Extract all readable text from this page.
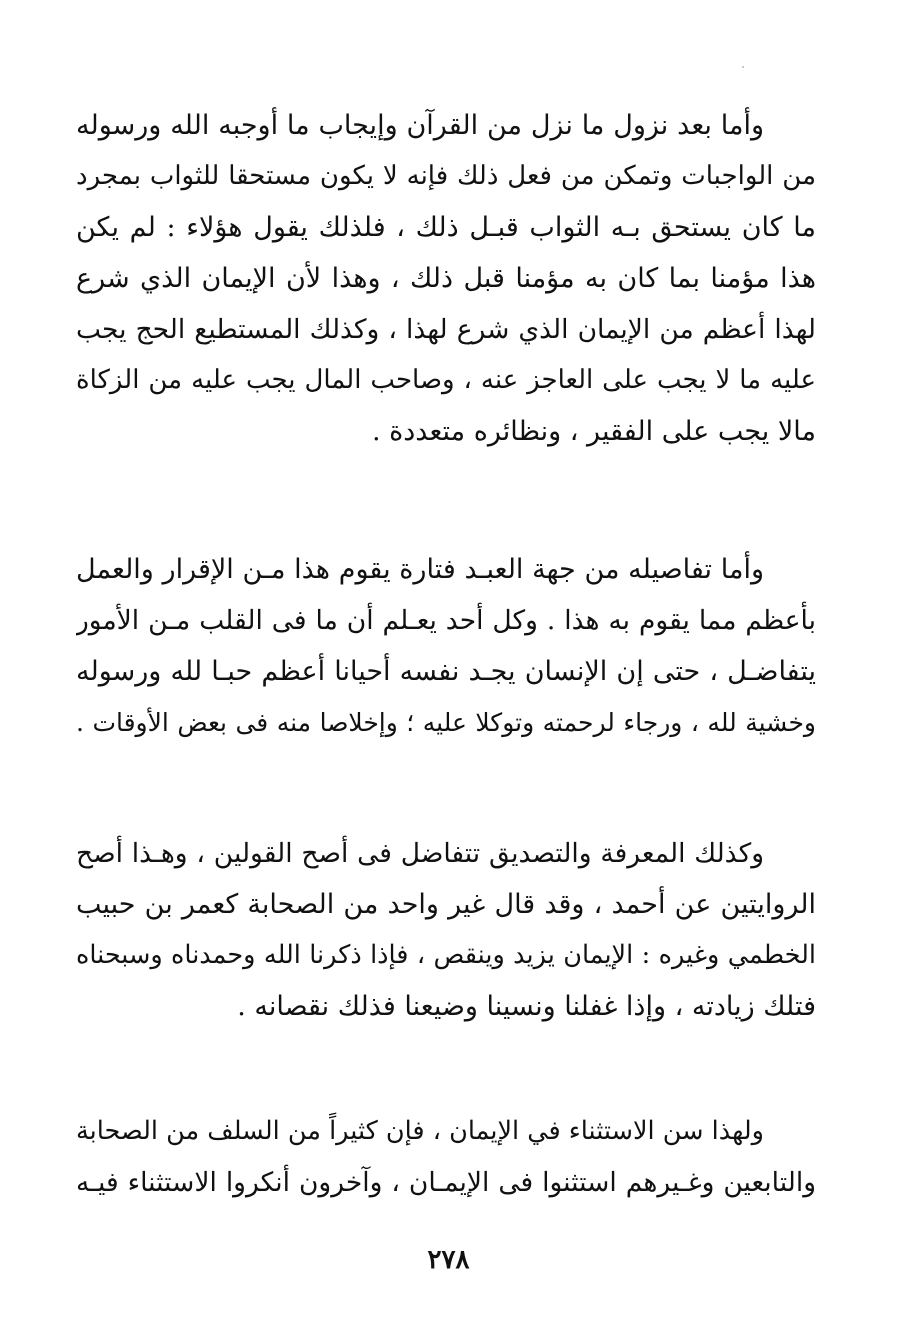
وأما بعد نزول ما نزل من القرآن وإيجاب ما أوجبه الله ورسوله
من الواجبات وتمكن من فعل ذلك فإنه لا يكون مستحقا للثواب بمجرد
ما كان يستحق بـه الثواب قبـل ذلك ، فلذلك يقول هؤلاء : لم يكن
هذا مؤمنا بما كان به مؤمنا قبل ذلك ، وهذا لأن الإيمان الذي شرع
لهذا أعظم من الإيمان الذي شرع لهذا ، وكذلك المستطيع الحج يجب
عليه ما لا يجب على العاجز عنه ، وصاحب المال يجب عليه من الزكاة
مالا يجب على الفقير ، ونظائره متعددة .
وأما تفاصيله من جهة العبـد فتارة يقوم هذا مـن الإقرار والعمل
بأعظم مما يقوم به هذا . وكل أحد يعـلم أن ما فى القلب مـن الأمور
يتفاضـل ، حتى إن الإنسان يجـد نفسه أحيانا أعظم حبـا لله ورسوله
وخشية لله ، ورجاء لرحمته وتوكلا عليه ؛ وإخلاصا منه فى بعض الأوقات .
وكذلك المعرفة والتصديق تتفاضل فى أصح القولين ، وهـذا أصح
الروايتين عن أحمد ، وقد قال غير واحد من الصحابة كعمر بن حبيب
الخطمي وغيره : الإيمان يزيد وينقص ، فإذا ذكرنا الله وحمدناه وسبحناه
فتلك زيادته ، وإذا غفلنا ونسينا وضيعنا فذلك نقصانه .
ولهذا سن الاستثناء في الإيمان ، فإن كثيراً من السلف من الصحابة
والتابعين وغـيرهم استثنوا فى الإيمـان ، وآخرون أنكروا الاستثناء فيـه
٢٧٨
